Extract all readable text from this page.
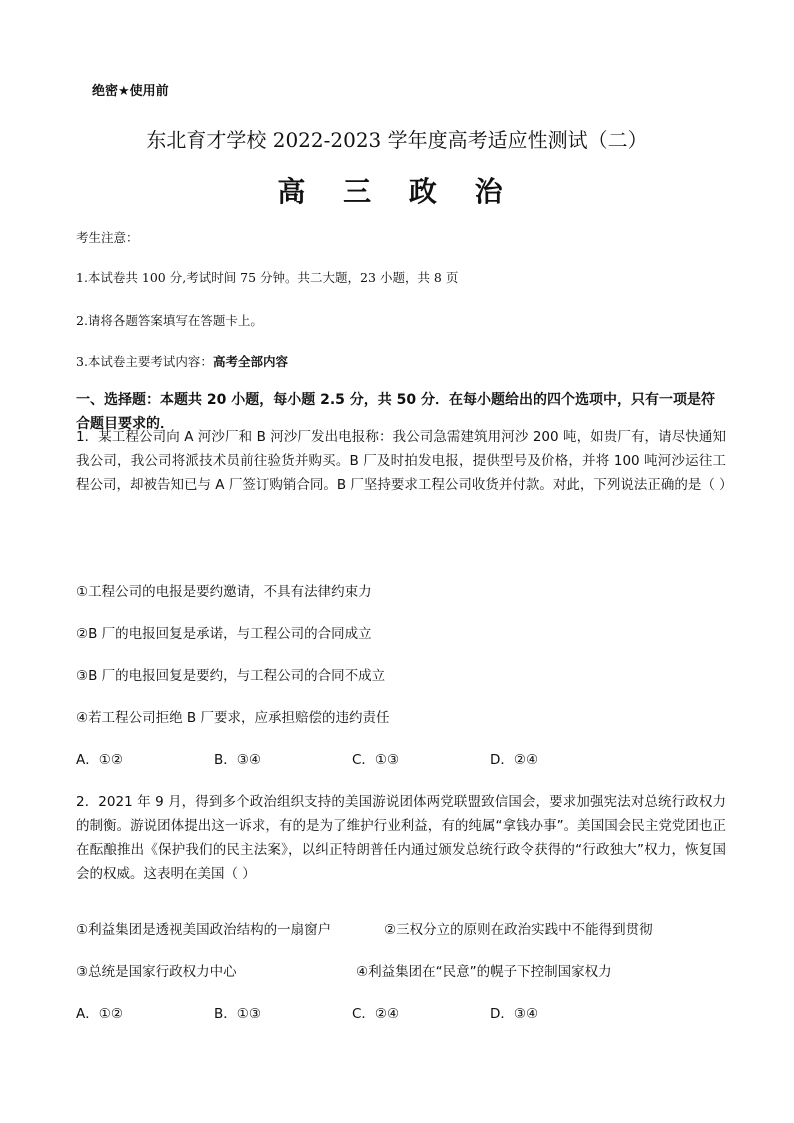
绝密★使用前
东北育才学校 2022-2023 学年度高考适应性测试（二）
高 三 政 治
考生注意：
1.本试卷共 100 分,考试时间 75 分钟。共二大题，23 小题，共 8 页
2.请将各题答案填写在答题卡上。
3.本试卷主要考试内容：高考全部内容
一、选择题：本题共 20 小题，每小题 2.5 分，共 50 分．在每小题给出的四个选项中，只有一项是符合题目要求的．
1．某工程公司向 A 河沙厂和 B 河沙厂发出电报称：我公司急需建筑用河沙 200 吨，如贵厂有，请尽快通知我公司，我公司将派技术员前往验货并购买。B 厂及时拍发电报，提供型号及价格，并将 100 吨河沙运往工程公司，却被告知已与 A 厂签订购销合同。B 厂坚持要求工程公司收货并付款。对此，下列说法正确的是（ ）
①工程公司的电报是要约邀请，不具有法律约束力
②B 厂的电报回复是承诺，与工程公司的合同成立
③B 厂的电报回复是要约，与工程公司的合同不成立
④若工程公司拒绝 B 厂要求，应承担赔偿的违约责任
A．①②	B．③④	C．①③	D．②④
2．2021 年 9 月，得到多个政治组织支持的美国游说团体两党联盟致信国会，要求加强宪法对总统行政权力的制衡。游说团体提出这一诉求，有的是为了维护行业利益，有的纯属“拿钱办事”。美国国会民主党党团也正在酝酿推出《保护我们的民主法案》，以纠正特朗普任内通过颁发总统行政令获得的“行政独大”权力，恢复国会的权威。这表明在美国（ ）
①利益集团是透视美国政治结构的一扇窗户	②三权分立的原则在政治实践中不能得到贯彻
③总统是国家行政权力中心	④利益集团在“民意”的幌子下控制国家权力
A．①②	B．①③	C．②④	D．③④
